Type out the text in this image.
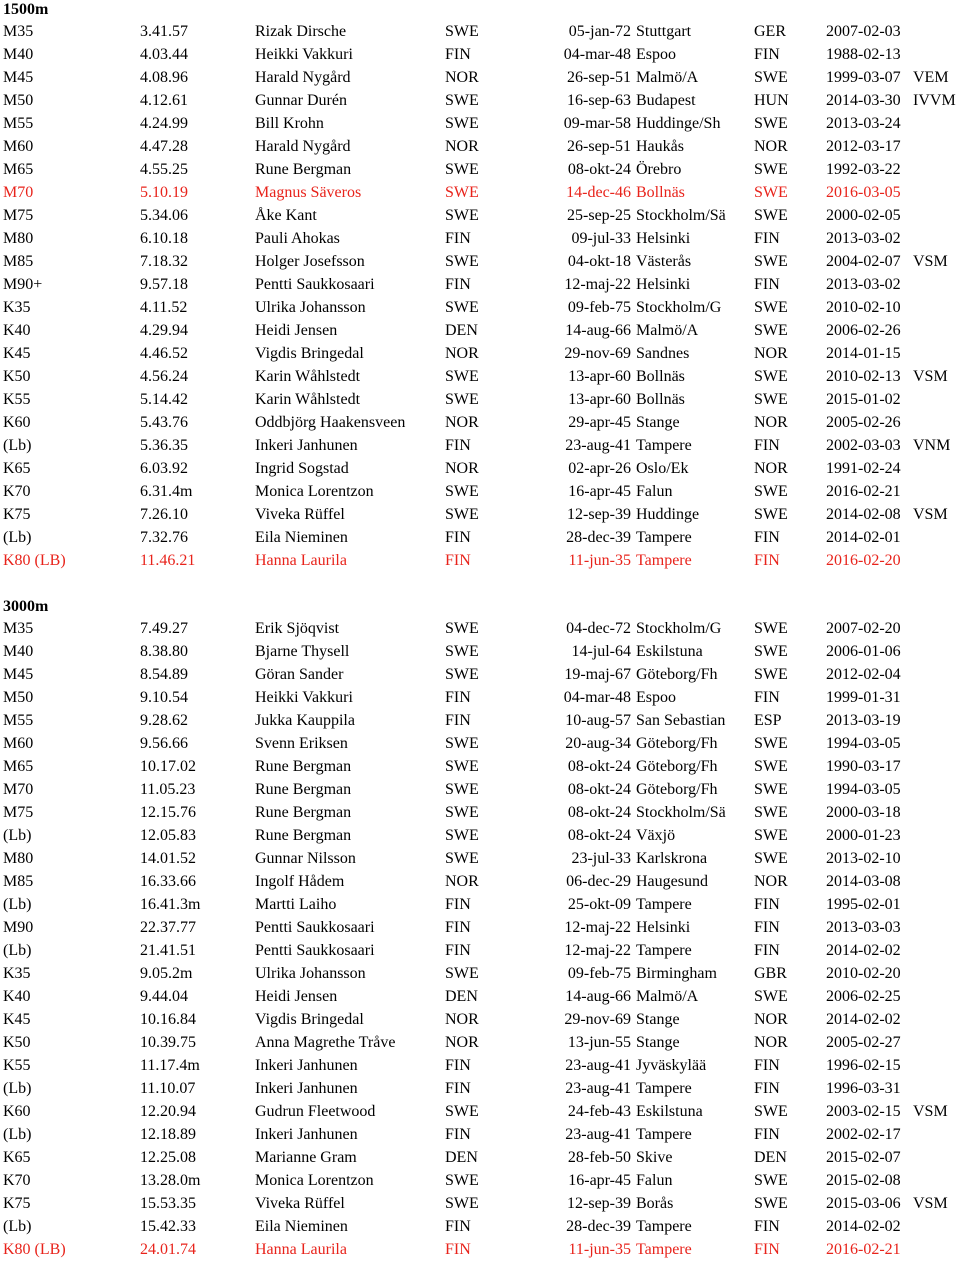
1500m
M35	3.41.57	Rizak Dirsche	SWE	05-jan-72 Stuttgart	GER	2007-02-03
M40	4.03.44	Heikki Vakkuri	FIN	04-mar-48 Espoo	FIN	1988-02-13
M45	4.08.96	Harald Nygård	NOR	26-sep-51 Malmö/A	SWE 1999-03-07 VEM
M50	4.12.61	Gunnar Durén	SWE	16-sep-63 Budapest	HUN 2014-03-30 IVVM
M55	4.24.99	Bill Krohn	SWE	09-mar-58 Huddinge/Sh SWE 2013-03-24
M60	4.47.28	Harald Nygård	NOR	26-sep-51 Haukås	NOR 2012-03-17
M65	4.55.25	Rune Bergman	SWE	08-okt-24 Örebro	SWE 1992-03-22
M70	5.10.19	Magnus Säveros	SWE	14-dec-46 Bollnäs	SWE 2016-03-05
M75	5.34.06	Åke Kant	SWE	25-sep-25 Stockholm/Sä SWE 2000-02-05
M80	6.10.18	Pauli Ahokas	FIN	09-jul-33 Helsinki	FIN	2013-03-02
M85	7.18.32	Holger Josefsson	SWE	04-okt-18 Västerås	SWE 2004-02-07 VSM
M90+	9.57.18	Pentti Saukkosaari	FIN	12-maj-22 Helsinki	FIN	2013-03-02
K35	4.11.52	Ulrika Johansson	SWE	09-feb-75 Stockholm/G SWE 2010-02-10
K40	4.29.94	Heidi Jensen	DEN	14-aug-66 Malmö/A	SWE 2006-02-26
K45	4.46.52	Vigdis Bringedal	NOR	29-nov-69 Sandnes	NOR 2014-01-15
K50	4.56.24	Karin Wåhlstedt	SWE	13-apr-60 Bollnäs	SWE 2010-02-13 VSM
K55	5.14.42	Karin Wåhlstedt	SWE	13-apr-60 Bollnäs	SWE 2015-01-02
K60	5.43.76	Oddbjörg Haakensveen NOR	29-apr-45 Stange	NOR 2005-02-26
(Lb)	5.36.35	Inkeri Janhunen	FIN	23-aug-41 Tampere	FIN	2002-03-03 VNM
K65	6.03.92	Ingrid Sogstad	NOR	02-apr-26 Oslo/Ek	NOR 1991-02-24
K70	6.31.4m	Monica Lorentzon	SWE	16-apr-45 Falun	SWE 2016-02-21
K75	7.26.10	Viveka Rüffel	SWE	12-sep-39 Huddinge	SWE 2014-02-08 VSM
(Lb)	7.32.76	Eila Nieminen	FIN	28-dec-39 Tampere	FIN	2014-02-01
K80 (LB)	11.46.21	Hanna Laurila	FIN	11-jun-35 Tampere	FIN	2016-02-20
3000m
M35	7.49.27	Erik Sjöqvist	SWE	04-dec-72 Stockholm/G SWE 2007-02-20
M40	8.38.80	Bjarne Thysell	SWE	14-jul-64 Eskilstuna	SWE 2006-01-06
M45	8.54.89	Göran Sander	SWE	19-maj-67 Göteborg/Fh SWE 2012-02-04
M50	9.10.54	Heikki Vakkuri	FIN	04-mar-48 Espoo	FIN	1999-01-31
M55	9.28.62	Jukka Kauppila	FIN	10-aug-57 San Sebastian ESP	2013-03-19
M60	9.56.66	Svenn Eriksen	SWE	20-aug-34 Göteborg/Fh SWE 1994-03-05
M65	10.17.02	Rune Bergman	SWE	08-okt-24 Göteborg/Fh SWE 1990-03-17
M70	11.05.23	Rune Bergman	SWE	08-okt-24 Göteborg/Fh SWE 1994-03-05
M75	12.15.76	Rune Bergman	SWE	08-okt-24 Stockholm/Sä SWE 2000-03-18
(Lb)	12.05.83	Rune Bergman	SWE	08-okt-24 Växjö	SWE 2000-01-23
M80	14.01.52	Gunnar Nilsson	SWE	23-jul-33 Karlskrona	SWE 2013-02-10
M85	16.33.66	Ingolf Hådem	NOR	06-dec-29 Haugesund	NOR 2014-03-08
(Lb)	16.41.3m	Martti Laiho	FIN	25-okt-09 Tampere	FIN	1995-02-01
M90	22.37.77	Pentti Saukkosaari	FIN	12-maj-22 Helsinki	FIN	2013-03-03
(Lb)	21.41.51	Pentti Saukkosaari	FIN	12-maj-22 Tampere	FIN	2014-02-02
K35	9.05.2m	Ulrika Johansson	SWE	09-feb-75 Birmingham GBR 2010-02-20
K40	9.44.04	Heidi Jensen	DEN	14-aug-66 Malmö/A	SWE 2006-02-25
K45	10.16.84	Vigdis Bringedal	NOR	29-nov-69 Stange	NOR 2014-02-02
K50	10.39.75	Anna Magrethe Tråve	NOR	13-jun-55 Stange	NOR 2005-02-27
K55	11.17.4m	Inkeri Janhunen	FIN	23-aug-41 Jyväskylää	FIN	1996-02-15
(Lb)	11.10.07	Inkeri Janhunen	FIN	23-aug-41 Tampere	FIN	1996-03-31
K60	12.20.94	Gudrun Fleetwood	SWE	24-feb-43 Eskilstuna	SWE 2003-02-15 VSM
(Lb)	12.18.89	Inkeri Janhunen	FIN	23-aug-41 Tampere	FIN	2002-02-17
K65	12.25.08	Marianne Gram	DEN	28-feb-50 Skive	DEN 2015-02-07
K70	13.28.0m	Monica Lorentzon	SWE	16-apr-45 Falun	SWE 2015-02-08
K75	15.53.35	Viveka Rüffel	SWE	12-sep-39 Borås	SWE 2015-03-06 VSM
(Lb)	15.42.33	Eila Nieminen	FIN	28-dec-39 Tampere	FIN	2014-02-02
K80 (LB)	24.01.74	Hanna Laurila	FIN	11-jun-35 Tampere	FIN	2016-02-21
